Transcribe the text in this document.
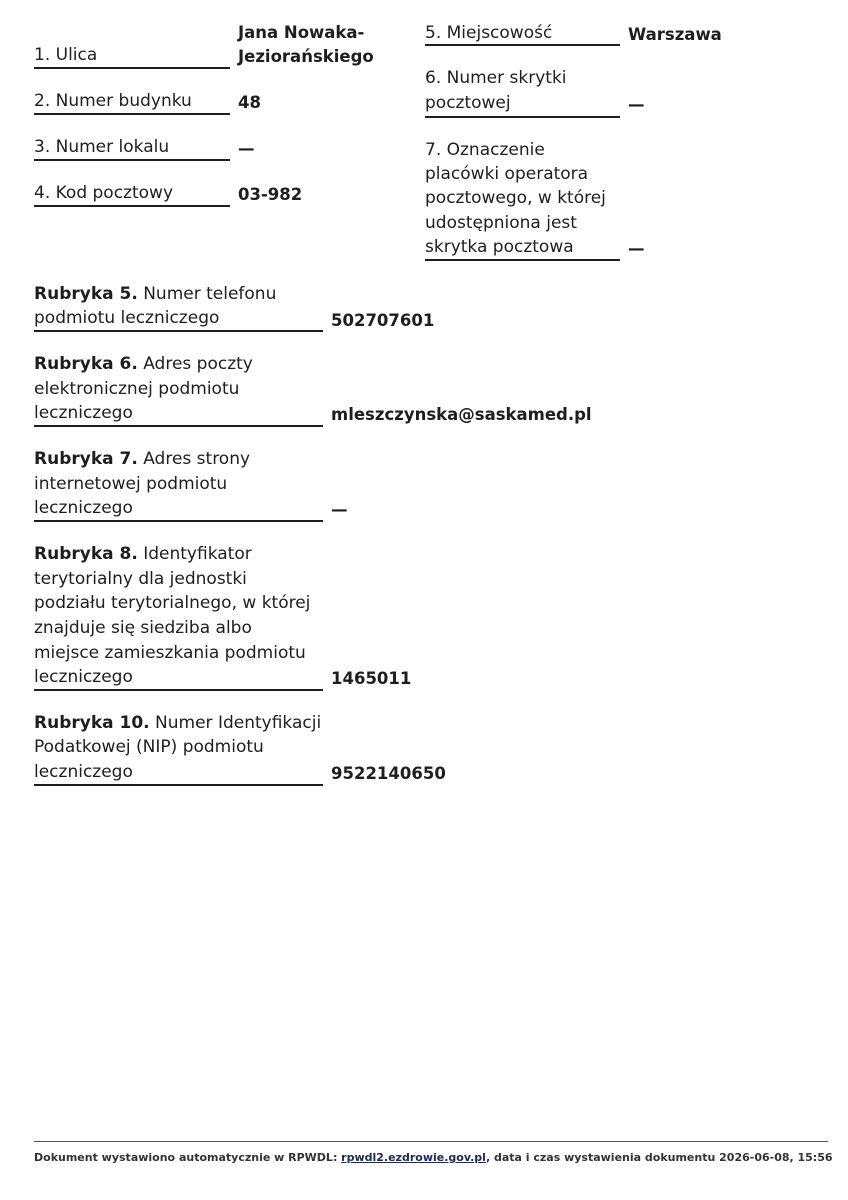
1. Ulica
Jana Nowaka-
Jeziorańskiego
2. Numer budynku	48
3. Numer lokalu	—
4. Kod pocztowy	03-982
5. Miejscowość	Warszawa
6. Numer skrytki
pocztowej	—
7. Oznaczenie
placówki operatora
pocztowego, w której
udostępniona jest
skrytka pocztowa	—
Rubryka 5. Numer telefonu
podmiotu leczniczego	502707601
Rubryka 6. Adres poczty
elektronicznej podmiotu
leczniczego	mleszczynska@saskamed.pl
Rubryka 7. Adres strony
internetowej podmiotu
leczniczego	—
Rubryka 8. Identyfikator
terytorialny dla jednostki
podziału terytorialnego, w której
znajduje się siedziba albo
miejsce zamieszkania podmiotu
leczniczego	1465011
Rubryka 10. Numer Identyfikacji
Podatkowej (NIP) podmiotu
leczniczego	9522140650
Dokument wystawiono automatycznie w RPWDL: rpwdl2.ezdrowie.gov.pl, data i czas wystawienia dokumentu 2026-06-08, 15:56
